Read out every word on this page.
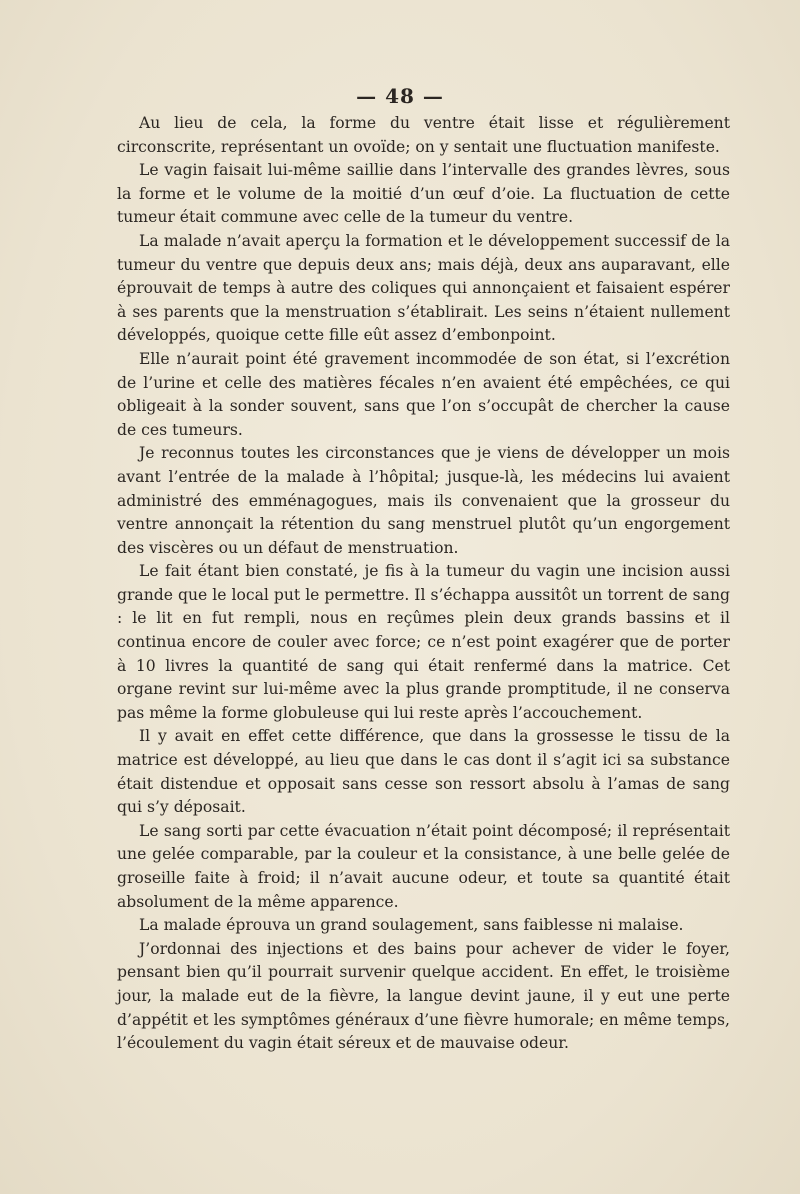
— 48 —

Au lieu de cela, la forme du ventre était lisse et régulièrement circonscrite, représentant un ovoïde; on y sentait une fluctuation manifeste.

Le vagin faisait lui-même saillie dans l’intervalle des grandes lèvres, sous la forme et le volume de la moitié d’un œuf d’oie. La fluctuation de cette tumeur était commune avec celle de la tumeur du ventre.

La malade n’avait aperçu la formation et le développement successif de la tumeur du ventre que depuis deux ans; mais déjà, deux ans auparavant, elle éprouvait de temps à autre des coliques qui annonçaient et faisaient espérer à ses parents que la menstruation s’établirait. Les seins n’étaient nullement développés, quoique cette fille eût assez d’embonpoint.

Elle n’aurait point été gravement incommodée de son état, si l’excrétion de l’urine et celle des matières fécales n’en avaient été empêchées, ce qui obligeait à la sonder souvent, sans que l’on s’occupât de chercher la cause de ces tumeurs.

Je reconnus toutes les circonstances que je viens de développer un mois avant l’entrée de la malade à l’hôpital; jusque-là, les médecins lui avaient administré des emménagogues, mais ils convenaient que la grosseur du ventre annonçait la rétention du sang menstruel plutôt qu’un engorgement des viscères ou un défaut de menstruation.

Le fait étant bien constaté, je fis à la tumeur du vagin une incision aussi grande que le local put le permettre. Il s’échappa aussitôt un torrent de sang : le lit en fut rempli, nous en reçûmes plein deux grands bassins et il continua encore de couler avec force; ce n’est point exagérer que de porter à 10 livres la quantité de sang qui était renfermé dans la matrice. Cet organe revint sur lui-même avec la plus grande promptitude, il ne conserva pas même la forme globuleuse qui lui reste après l’accouchement.

Il y avait en effet cette différence, que dans la grossesse le tissu de la matrice est développé, au lieu que dans le cas dont il s’agit ici sa substance était distendue et opposait sans cesse son ressort absolu à l’amas de sang qui s’y déposait.

Le sang sorti par cette évacuation n’était point décomposé; il représentait une gelée comparable, par la couleur et la consistance, à une belle gelée de groseille faite à froid; il n’avait aucune odeur, et toute sa quantité était absolument de la même apparence.

La malade éprouva un grand soulagement, sans faiblesse ni malaise.

J’ordonnai des injections et des bains pour achever de vider le foyer, pensant bien qu’il pourrait survenir quelque accident. En effet, le troisième jour, la malade eut de la fièvre, la langue devint jaune, il y eut une perte d’appétit et les symptômes généraux d’une fièvre humorale; en même temps, l’écoulement du vagin était séreux et de mauvaise odeur.
